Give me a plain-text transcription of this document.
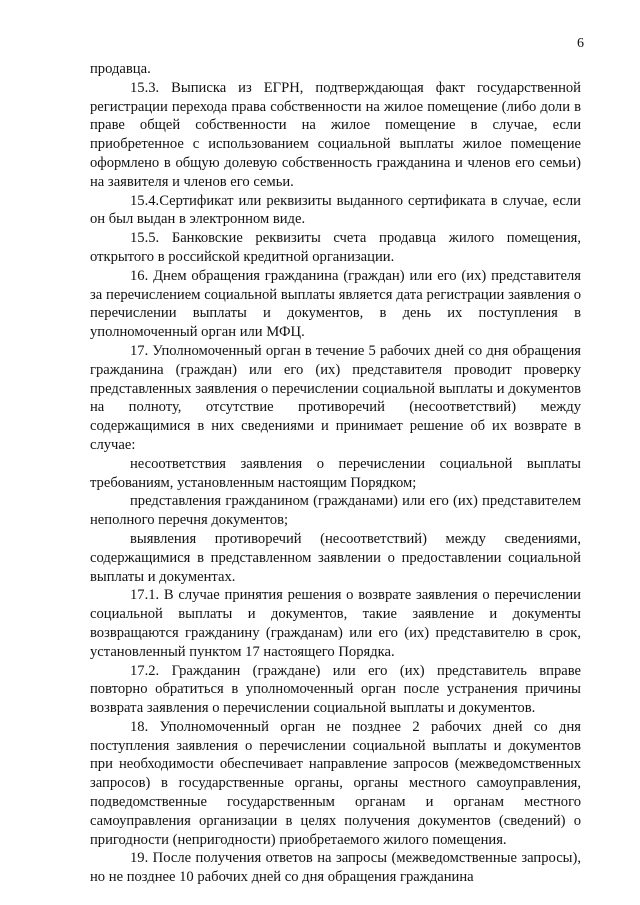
6

продавца.

15.3. Выписка из ЕГРН, подтверждающая факт государственной регистрации перехода права собственности на жилое помещение (либо доли в праве общей собственности на жилое помещение в случае, если приобретенное с использованием социальной выплаты жилое помещение оформлено в общую долевую собственность гражданина и членов его семьи) на заявителя и членов его семьи.

15.4.Сертификат или реквизиты выданного сертификата в случае, если он был выдан в электронном виде.

15.5. Банковские реквизиты счета продавца жилого помещения, открытого в российской кредитной организации.

16. Днем обращения гражданина (граждан) или его (их) представителя за перечислением социальной выплаты является дата регистрации заявления о перечислении выплаты и документов, в день их поступления в уполномоченный орган или МФЦ.

17. Уполномоченный орган в течение 5 рабочих дней со дня обращения гражданина (граждан) или его (их) представителя проводит проверку представленных заявления о перечислении социальной выплаты и документов на полноту, отсутствие противоречий (несоответствий) между содержащимися в них сведениями и принимает решение об их возврате в случае:

несоответствия заявления о перечислении социальной выплаты требованиям, установленным настоящим Порядком;

представления гражданином (гражданами) или его (их) представителем неполного перечня документов;

выявления противоречий (несоответствий) между сведениями, содержащимися в представленном заявлении о предоставлении социальной выплаты и документах.

17.1. В случае принятия решения о возврате заявления о перечислении социальной выплаты и документов, такие заявление и документы возвращаются гражданину (гражданам) или его (их) представителю в срок, установленный пунктом 17 настоящего Порядка.

17.2. Гражданин (граждане) или его (их) представитель вправе повторно обратиться в уполномоченный орган после устранения причины возврата заявления о перечислении социальной выплаты и документов.

18. Уполномоченный орган не позднее 2 рабочих дней со дня поступления заявления о перечислении социальной выплаты и документов при необходимости обеспечивает направление запросов (межведомственных запросов) в государственные органы, органы местного самоуправления, подведомственные государственным органам и органам местного самоуправления организации в целях получения документов (сведений) о пригодности (непригодности) приобретаемого жилого помещения.

19. После получения ответов на запросы (межведомственные запросы), но не позднее 10 рабочих дней со дня обращения гражданина
